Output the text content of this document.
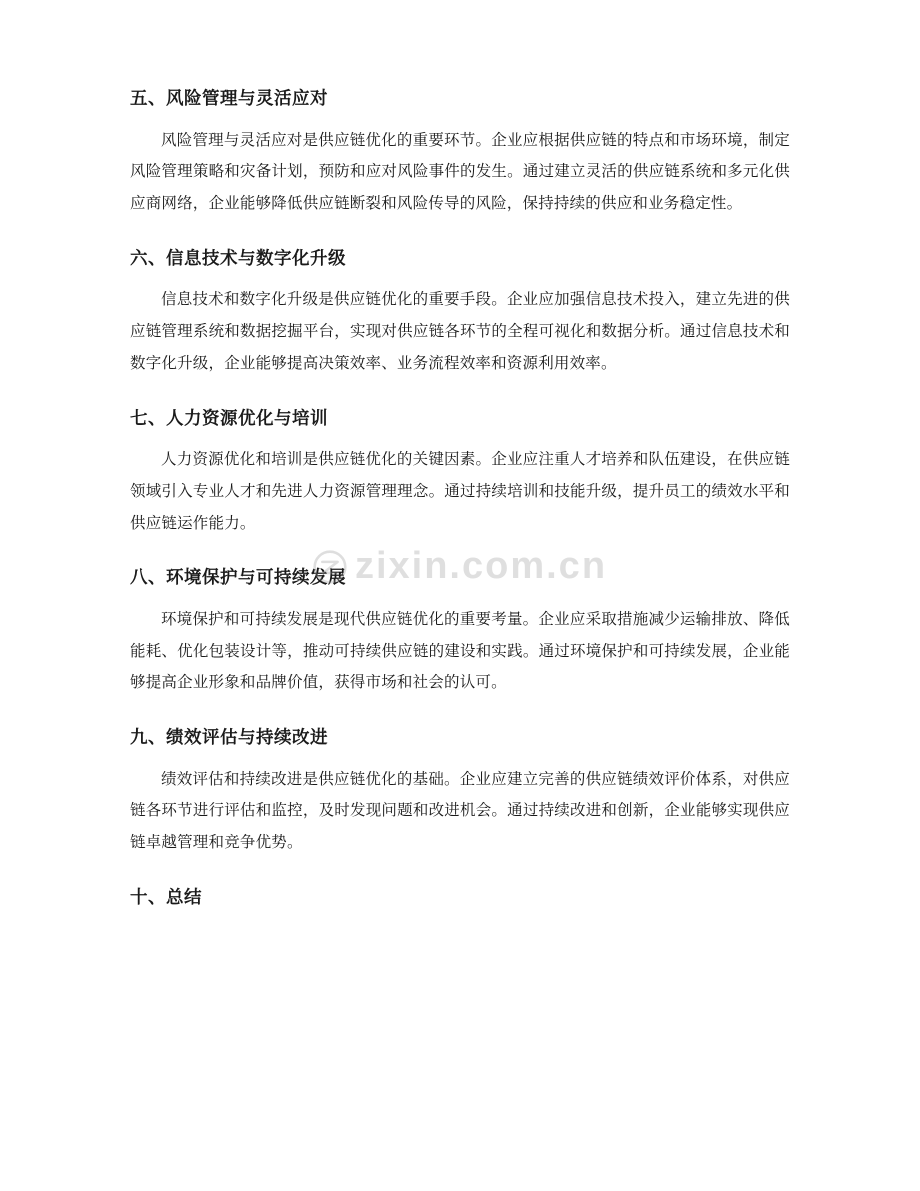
五、风险管理与灵活应对

风险管理与灵活应对是供应链优化的重要环节。企业应根据供应链的特点和市场环境，制定风险管理策略和灾备计划，预防和应对风险事件的发生。通过建立灵活的供应链系统和多元化供应商网络，企业能够降低供应链断裂和风险传导的风险，保持持续的供应和业务稳定性。

六、信息技术与数字化升级

信息技术和数字化升级是供应链优化的重要手段。企业应加强信息技术投入，建立先进的供应链管理系统和数据挖掘平台，实现对供应链各环节的全程可视化和数据分析。通过信息技术和数字化升级，企业能够提高决策效率、业务流程效率和资源利用效率。

七、人力资源优化与培训

人力资源优化和培训是供应链优化的关键因素。企业应注重人才培养和队伍建设，在供应链领域引入专业人才和先进人力资源管理理念。通过持续培训和技能升级，提升员工的绩效水平和供应链运作能力。

八、环境保护与可持续发展

环境保护和可持续发展是现代供应链优化的重要考量。企业应采取措施减少运输排放、降低能耗、优化包装设计等，推动可持续供应链的建设和实践。通过环境保护和可持续发展，企业能够提高企业形象和品牌价值，获得市场和社会的认可。

九、绩效评估与持续改进

绩效评估和持续改进是供应链优化的基础。企业应建立完善的供应链绩效评价体系，对供应链各环节进行评估和监控，及时发现问题和改进机会。通过持续改进和创新，企业能够实现供应链卓越管理和竞争优势。

十、总结
zixin.com.cn
